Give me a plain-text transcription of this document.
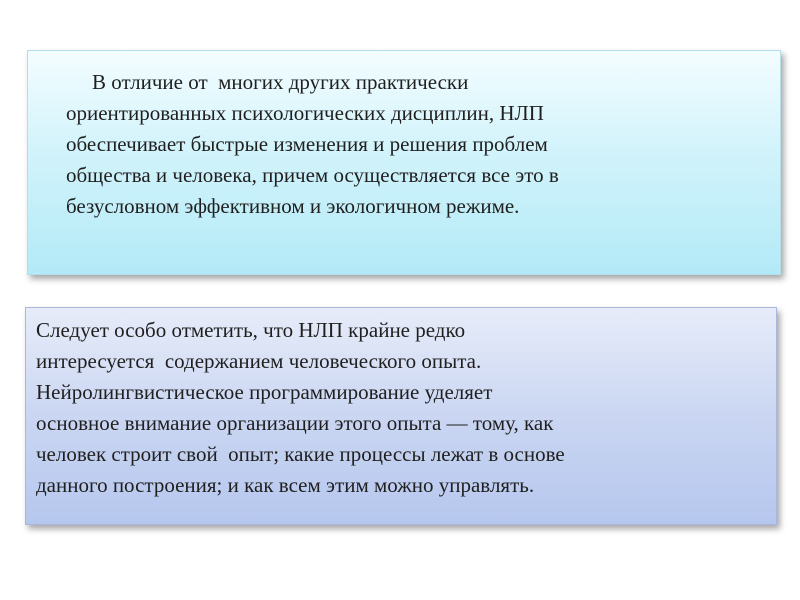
В отличие от  многих других практически

ориентированных психологических дисциплин, НЛП

обеспечивает быстрые изменения и решения проблем

общества и человека, причем осуществляется все это в

безусловном эффективном и экологичном режиме.

Следует особо отметить, что НЛП крайне редко

интересуется  содержанием человеческого опыта.

Нейролингвистическое программирование уделяет

основное внимание организации этого опыта — тому, как

человек строит свой  опыт; какие процессы лежат в основе

данного построения; и как всем этим можно управлять.
